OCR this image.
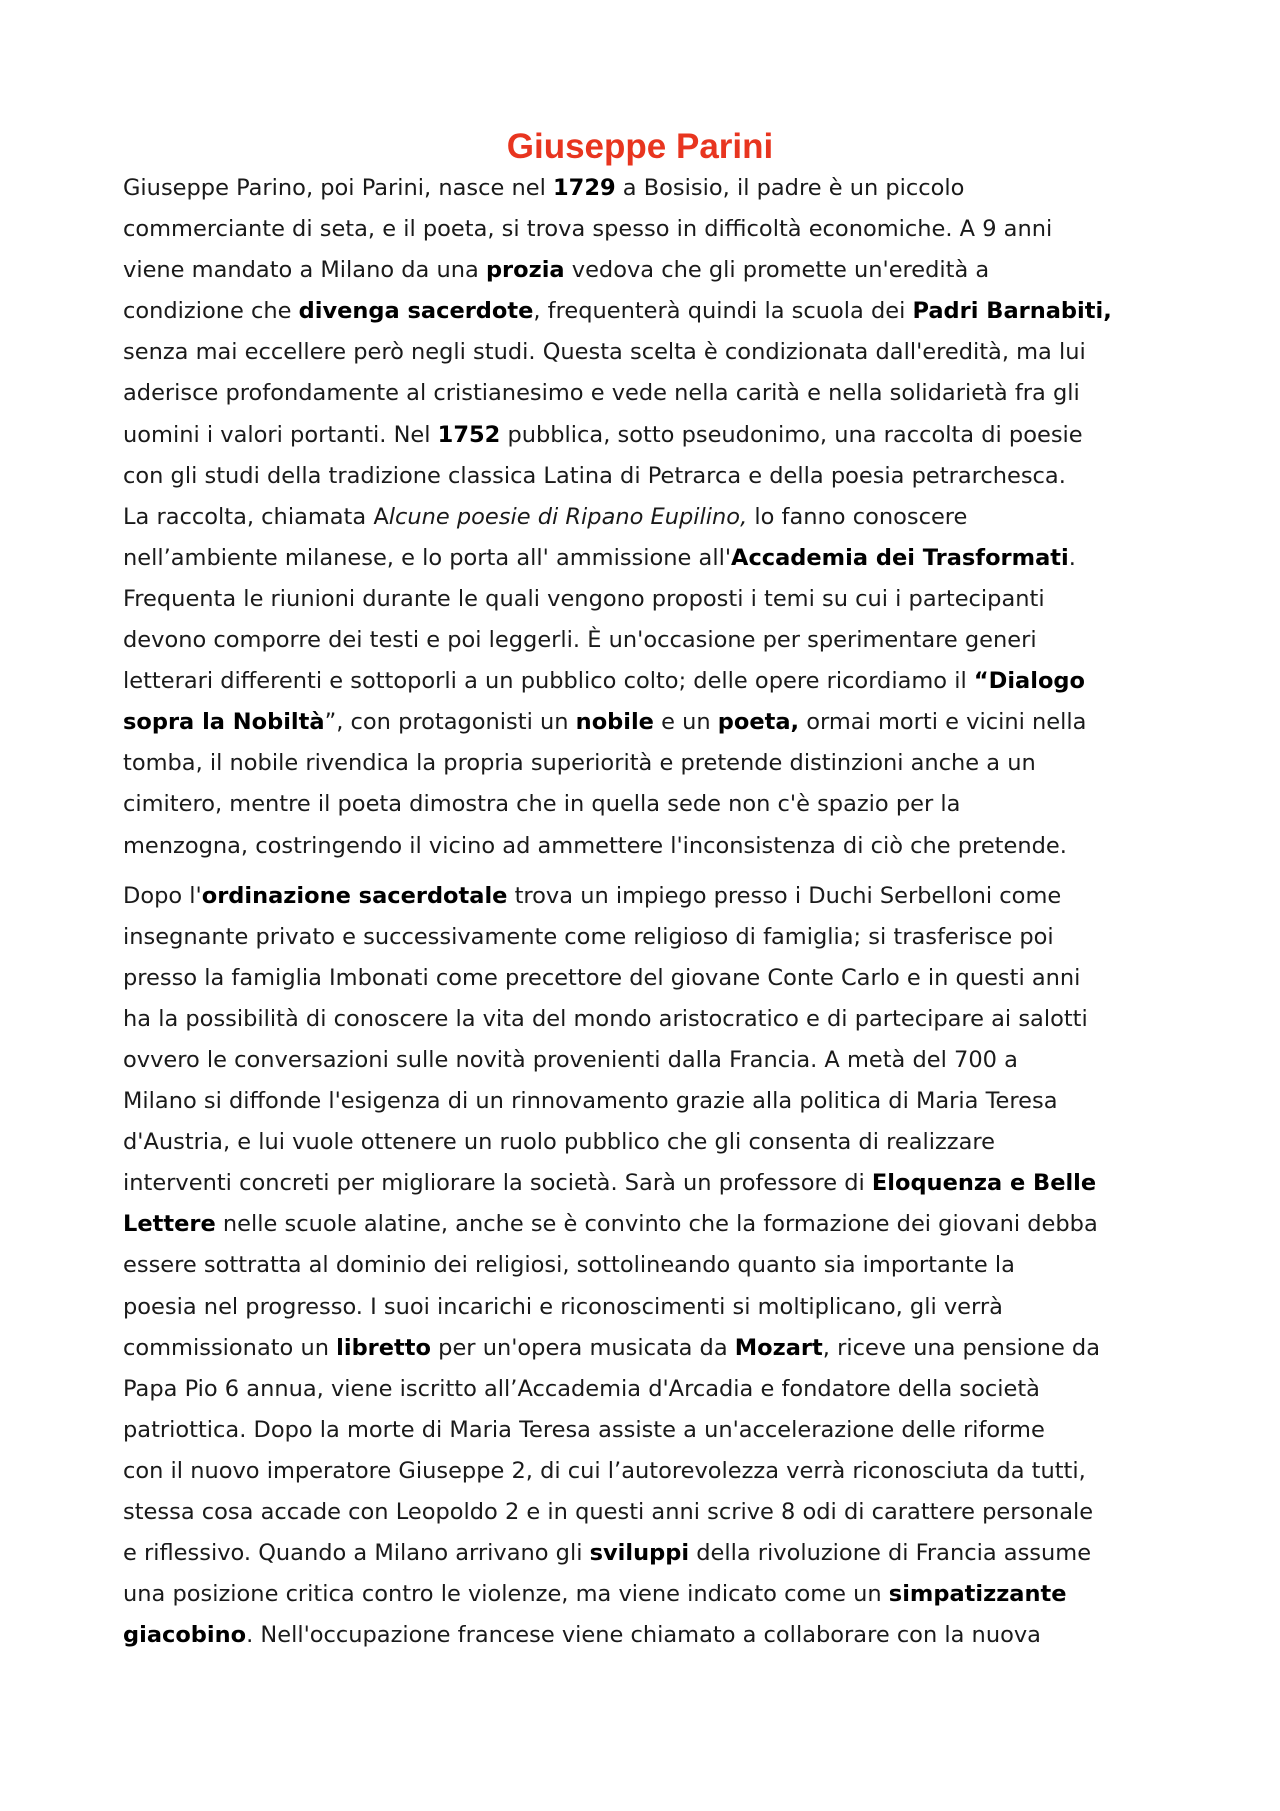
Giuseppe Parini

Giuseppe Parino, poi Parini, nasce nel 1729 a Bosisio, il padre è un piccolo
commerciante di seta, e il poeta, si trova spesso in difficoltà economiche. A 9 anni
viene mandato a Milano da una prozia vedova che gli promette un'eredità a
condizione che divenga sacerdote, frequenterà quindi la scuola dei Padri Barnabiti,
senza mai eccellere però negli studi. Questa scelta è condizionata dall'eredità, ma lui
aderisce profondamente al cristianesimo e vede nella carità e nella solidarietà fra gli
uomini i valori portanti. Nel 1752 pubblica, sotto pseudonimo, una raccolta di poesie
con gli studi della tradizione classica Latina di Petrarca e della poesia petrarchesca.
La raccolta, chiamata Alcune poesie di Ripano Eupilino, lo fanno conoscere
nell’ambiente milanese, e lo porta all' ammissione all'Accademia dei Trasformati.
Frequenta le riunioni durante le quali vengono proposti i temi su cui i partecipanti
devono comporre dei testi e poi leggerli. È un'occasione per sperimentare generi
letterari differenti e sottoporli a un pubblico colto; delle opere ricordiamo il “Dialogo
sopra la Nobiltà”, con protagonisti un nobile e un poeta, ormai morti e vicini nella
tomba, il nobile rivendica la propria superiorità e pretende distinzioni anche a un
cimitero, mentre il poeta dimostra che in quella sede non c'è spazio per la
menzogna, costringendo il vicino ad ammettere l'inconsistenza di ciò che pretende.

Dopo l'ordinazione sacerdotale trova un impiego presso i Duchi Serbelloni come
insegnante privato e successivamente come religioso di famiglia; si trasferisce poi
presso la famiglia Imbonati come precettore del giovane Conte Carlo e in questi anni
ha la possibilità di conoscere la vita del mondo aristocratico e di partecipare ai salotti
ovvero le conversazioni sulle novità provenienti dalla Francia. A metà del 700 a
Milano si diffonde l'esigenza di un rinnovamento grazie alla politica di Maria Teresa
d'Austria, e lui vuole ottenere un ruolo pubblico che gli consenta di realizzare
interventi concreti per migliorare la società. Sarà un professore di Eloquenza e Belle
Lettere nelle scuole alatine, anche se è convinto che la formazione dei giovani debba
essere sottratta al dominio dei religiosi, sottolineando quanto sia importante la
poesia nel progresso. I suoi incarichi e riconoscimenti si moltiplicano, gli verrà
commissionato un libretto per un'opera musicata da Mozart, riceve una pensione da
Papa Pio 6 annua, viene iscritto all’Accademia d'Arcadia e fondatore della società
patriottica. Dopo la morte di Maria Teresa assiste a un'accelerazione delle riforme
con il nuovo imperatore Giuseppe 2, di cui l’autorevolezza verrà riconosciuta da tutti,
stessa cosa accade con Leopoldo 2 e in questi anni scrive 8 odi di carattere personale
e riflessivo. Quando a Milano arrivano gli sviluppi della rivoluzione di Francia assume
una posizione critica contro le violenze, ma viene indicato come un simpatizzante
giacobino. Nell'occupazione francese viene chiamato a collaborare con la nuova
